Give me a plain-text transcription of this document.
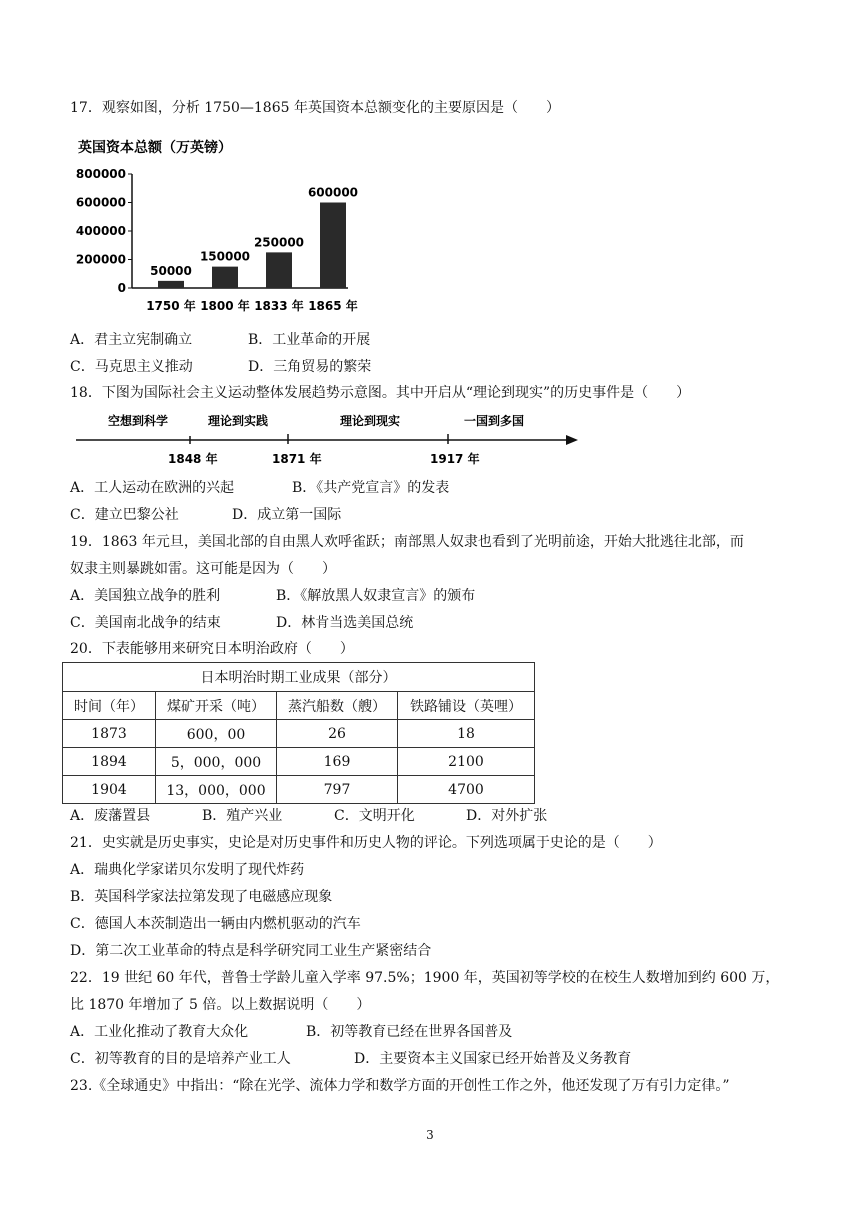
17．观察如图，分析 1750—1865 年英国资本总额变化的主要原因是（　　）
英国资本总额（万英镑）
800000
600000
400000
200000
0
50000
1750 年
150000
1800 年
250000
1833 年
600000
1865 年
A．君主立宪制确立	B．工业革命的开展
C．马克思主义推动	D．三角贸易的繁荣
18．下图为国际社会主义运动整体发展趋势示意图。其中开启从“理论到现实”的历史事件是（　　）
空想到科学	理论到实践	理论到现实	一国到多国
1848 年	1871 年	1917 年
A．工人运动在欧洲的兴起	B．《共产党宣言》的发表
C．建立巴黎公社	D．成立第一国际
19．1863 年元旦，美国北部的自由黑人欢呼雀跃；南部黑人奴隶也看到了光明前途，开始大批逃往北部，而
奴隶主则暴跳如雷。这可能是因为（　　）
A．美国独立战争的胜利	B．《解放黑人奴隶宣言》的颁布
C．美国南北战争的结束	D．林肯当选美国总统
20．下表能够用来研究日本明治政府（　　）
日本明治时期工业成果（部分）			
时间（年）	煤矿开采（吨）	蒸汽船数（艘）	铁路铺设（英哩）
1873	600，00	26	18
1894	5，000，000	169	2100
1904	13，000，000	797	4700
A．废藩置县	B．殖产兴业	C．文明开化	D．对外扩张
21．史实就是历史事实，史论是对历史事件和历史人物的评论。下列选项属于史论的是（　　）
A．瑞典化学家诺贝尔发明了现代炸药
B．英国科学家法拉第发现了电磁感应现象
C．德国人本茨制造出一辆由内燃机驱动的汽车
D．第二次工业革命的特点是科学研究同工业生产紧密结合
22．19 世纪 60 年代，普鲁士学龄儿童入学率 97.5%；1900 年，英国初等学校的在校生人数增加到约 600 万，
比 1870 年增加了 5 倍。以上数据说明（　　）
A．工业化推动了教育大众化	B．初等教育已经在世界各国普及
C．初等教育的目的是培养产业工人	D．主要资本主义国家已经开始普及义务教育
23.《全球通史》中指出：“除在光学、流体力学和数学方面的开创性工作之外，他还发现了万有引力定律。”
3
